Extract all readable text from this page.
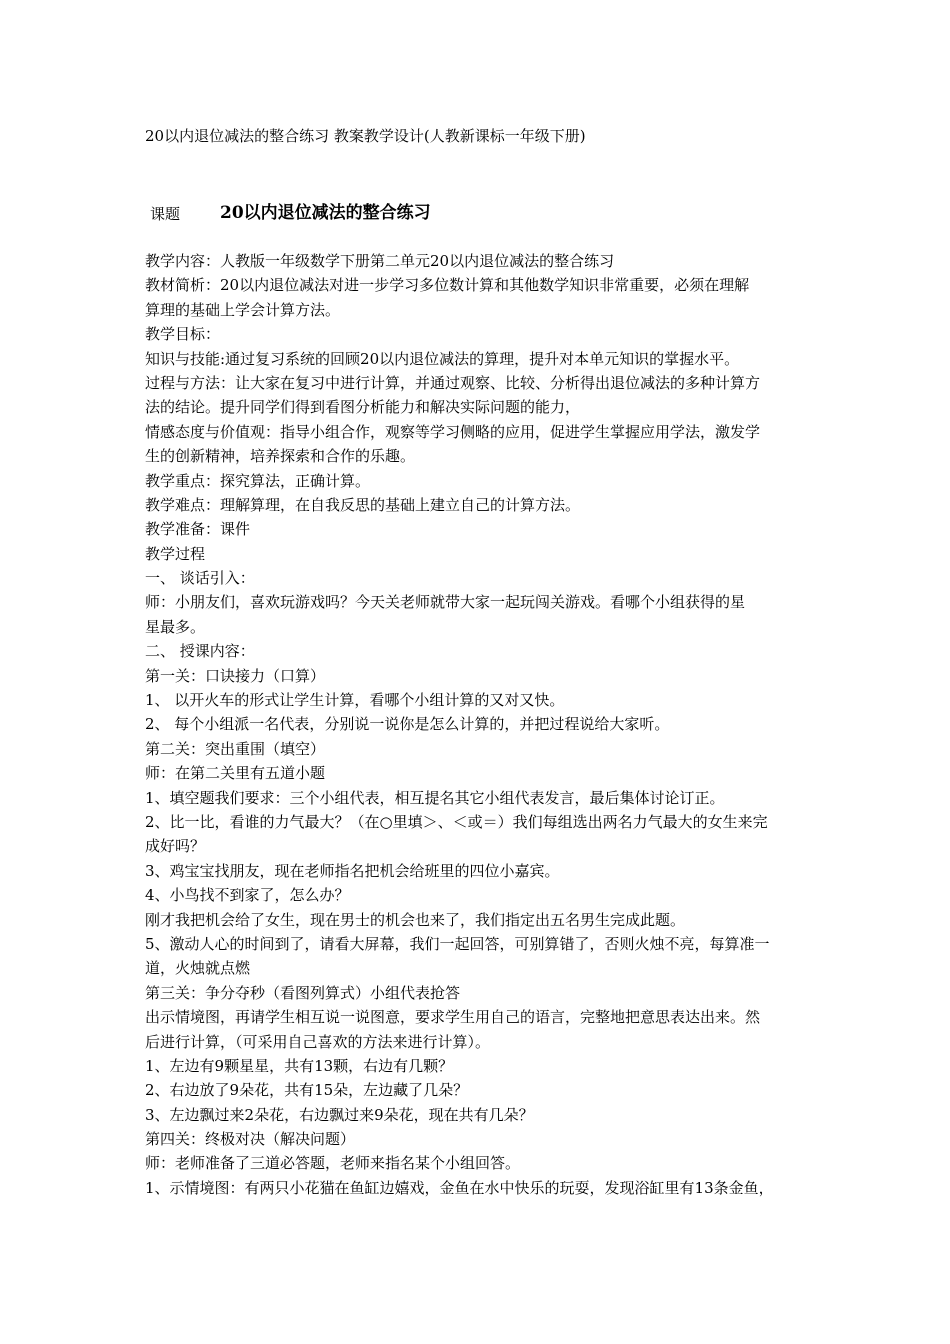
20以内退位减法的整合练习 教案教学设计(人教新课标一年级下册)
课题 20以内退位减法的整合练习
教学内容：人教版一年级数学下册第二单元20以内退位减法的整合练习
教材简析：20以内退位减法对进一步学习多位数计算和其他数学知识非常重要，必须在理解
算理的基础上学会计算方法。
教学目标：
知识与技能:通过复习系统的回顾20以内退位减法的算理，提升对本单元知识的掌握水平。
过程与方法：让大家在复习中进行计算，并通过观察、比较、分析得出退位减法的多种计算方
法的结论。提升同学们得到看图分析能力和解决实际问题的能力，
情感态度与价值观：指导小组合作，观察等学习侧略的应用，促进学生掌握应用学法，激发学
生的创新精神，培养探索和合作的乐趣。
教学重点：探究算法，正确计算。
教学难点：理解算理，在自我反思的基础上建立自己的计算方法。
教学准备：课件
教学过程
一、 谈话引入：
师：小朋友们，喜欢玩游戏吗？今天关老师就带大家一起玩闯关游戏。看哪个小组获得的星
星最多。
二、 授课内容：
第一关：口诀接力（口算）
1、 以开火车的形式让学生计算，看哪个小组计算的又对又快。
2、 每个小组派一名代表，分别说一说你是怎么计算的，并把过程说给大家听。
第二关：突出重围（填空）
师：在第二关里有五道小题
1、填空题我们要求：三个小组代表，相互提名其它小组代表发言，最后集体讨论订正。
2、比一比，看谁的力气最大？（在○里填＞、＜或＝）我们每组选出两名力气最大的女生来完
成好吗？
3、鸡宝宝找朋友，现在老师指名把机会给班里的四位小嘉宾。
4、小鸟找不到家了，怎么办？
刚才我把机会给了女生，现在男士的机会也来了，我们指定出五名男生完成此题。
5、激动人心的时间到了，请看大屏幕，我们一起回答，可别算错了，否则火烛不亮，每算准一
道，火烛就点燃
第三关：争分夺秒（看图列算式）小组代表抢答
出示情境图，再请学生相互说一说图意，要求学生用自己的语言，完整地把意思表达出来。然
后进行计算，（可采用自己喜欢的方法来进行计算）。
1、左边有9颗星星，共有13颗，右边有几颗？
2、右边放了9朵花，共有15朵，左边藏了几朵？
3、左边飘过来2朵花，右边飘过来9朵花，现在共有几朵？
第四关：终极对决（解决问题）
师：老师准备了三道必答题，老师来指名某个小组回答。
1、示情境图：有两只小花猫在鱼缸边嬉戏，金鱼在水中快乐的玩耍，发现浴缸里有13条金鱼，
